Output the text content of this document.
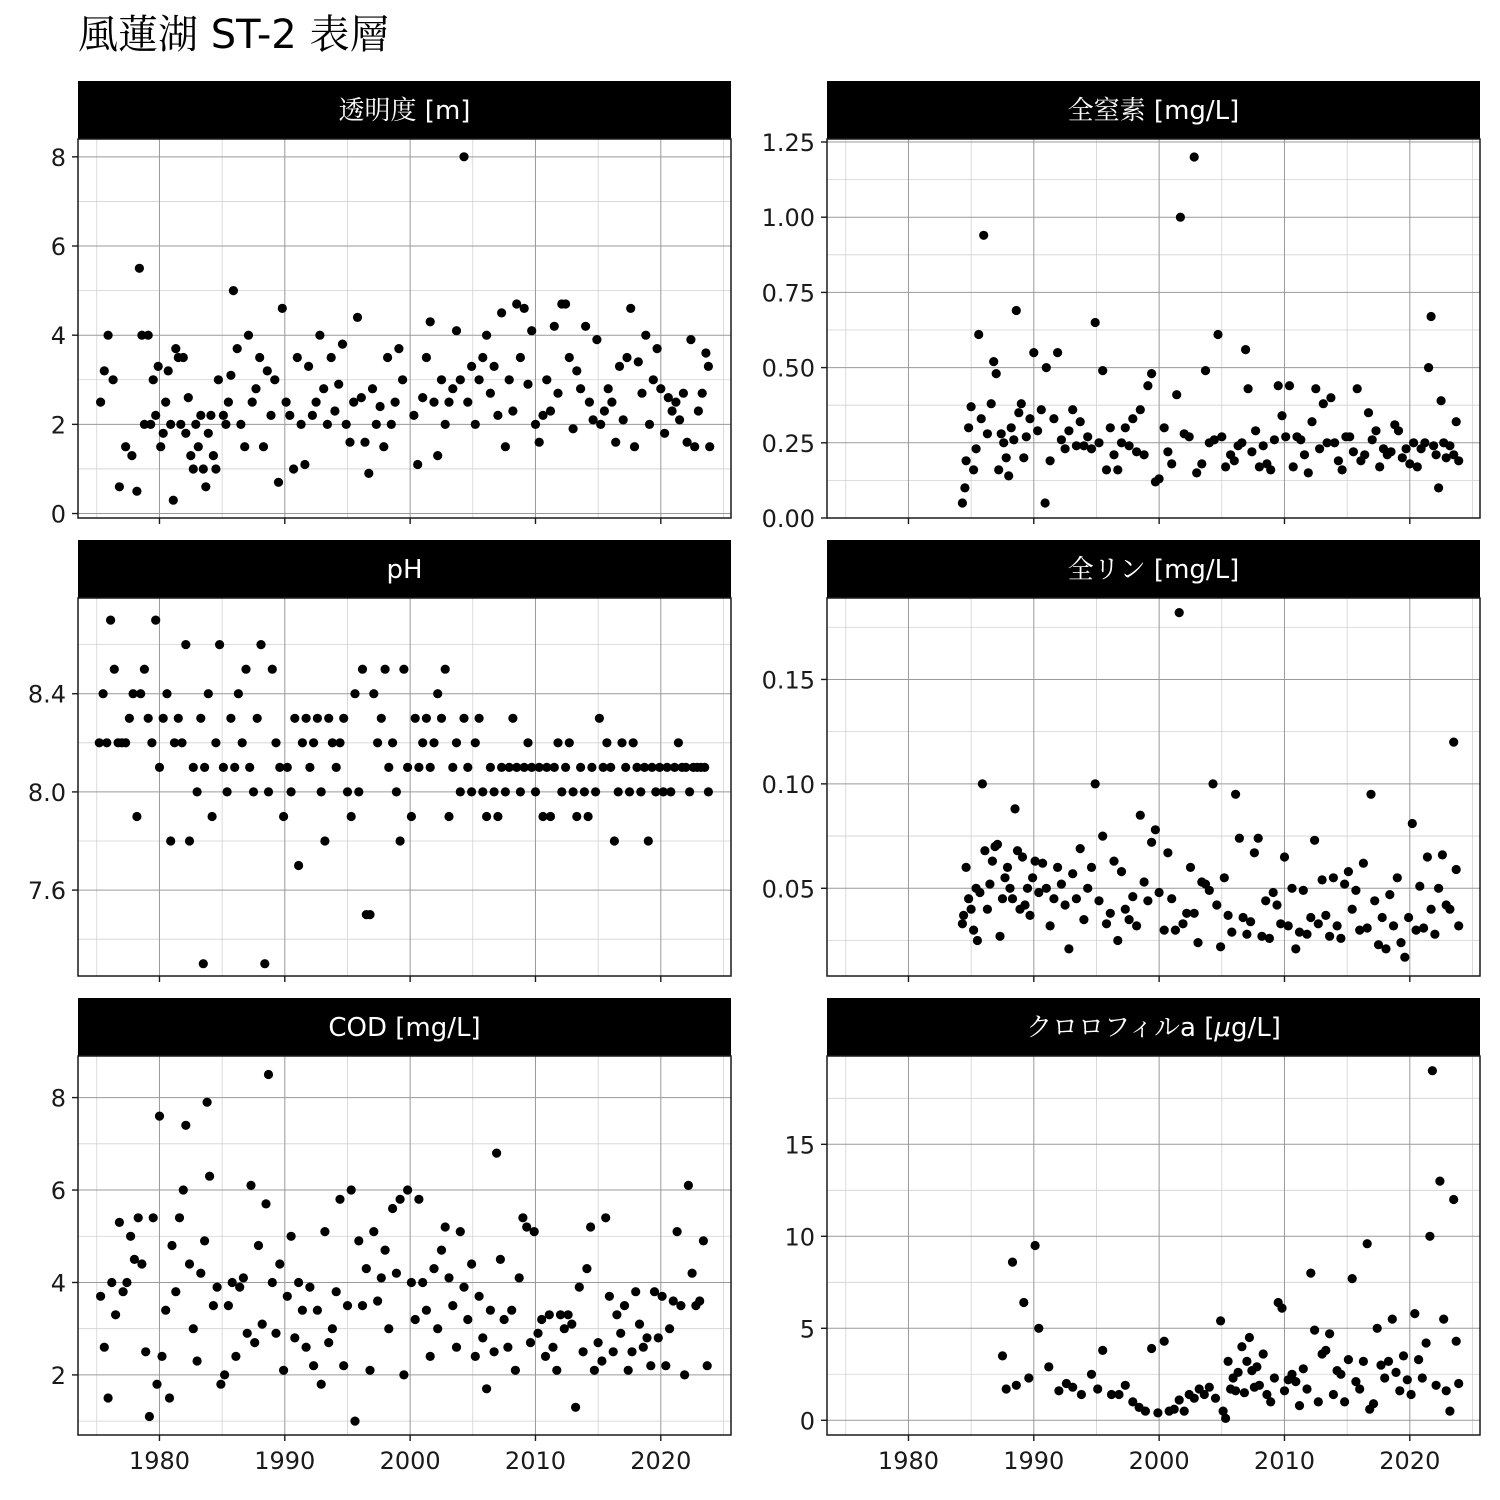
風蓮湖 ST-2 表層
透明度 [m]
0
2
4
6
8
全窒素 [mg/L]
0.00
0.25
0.50
0.75
1.00
1.25
pH
7.6
8.0
8.4
全リン [mg/L]
0.05
0.10
0.15
COD [mg/L]
2
4
6
8
1980	1990	2000	2010	2020
クロロフィルa [μg/L]
0
5
10
15
1980	1990	2000	2010	2020
